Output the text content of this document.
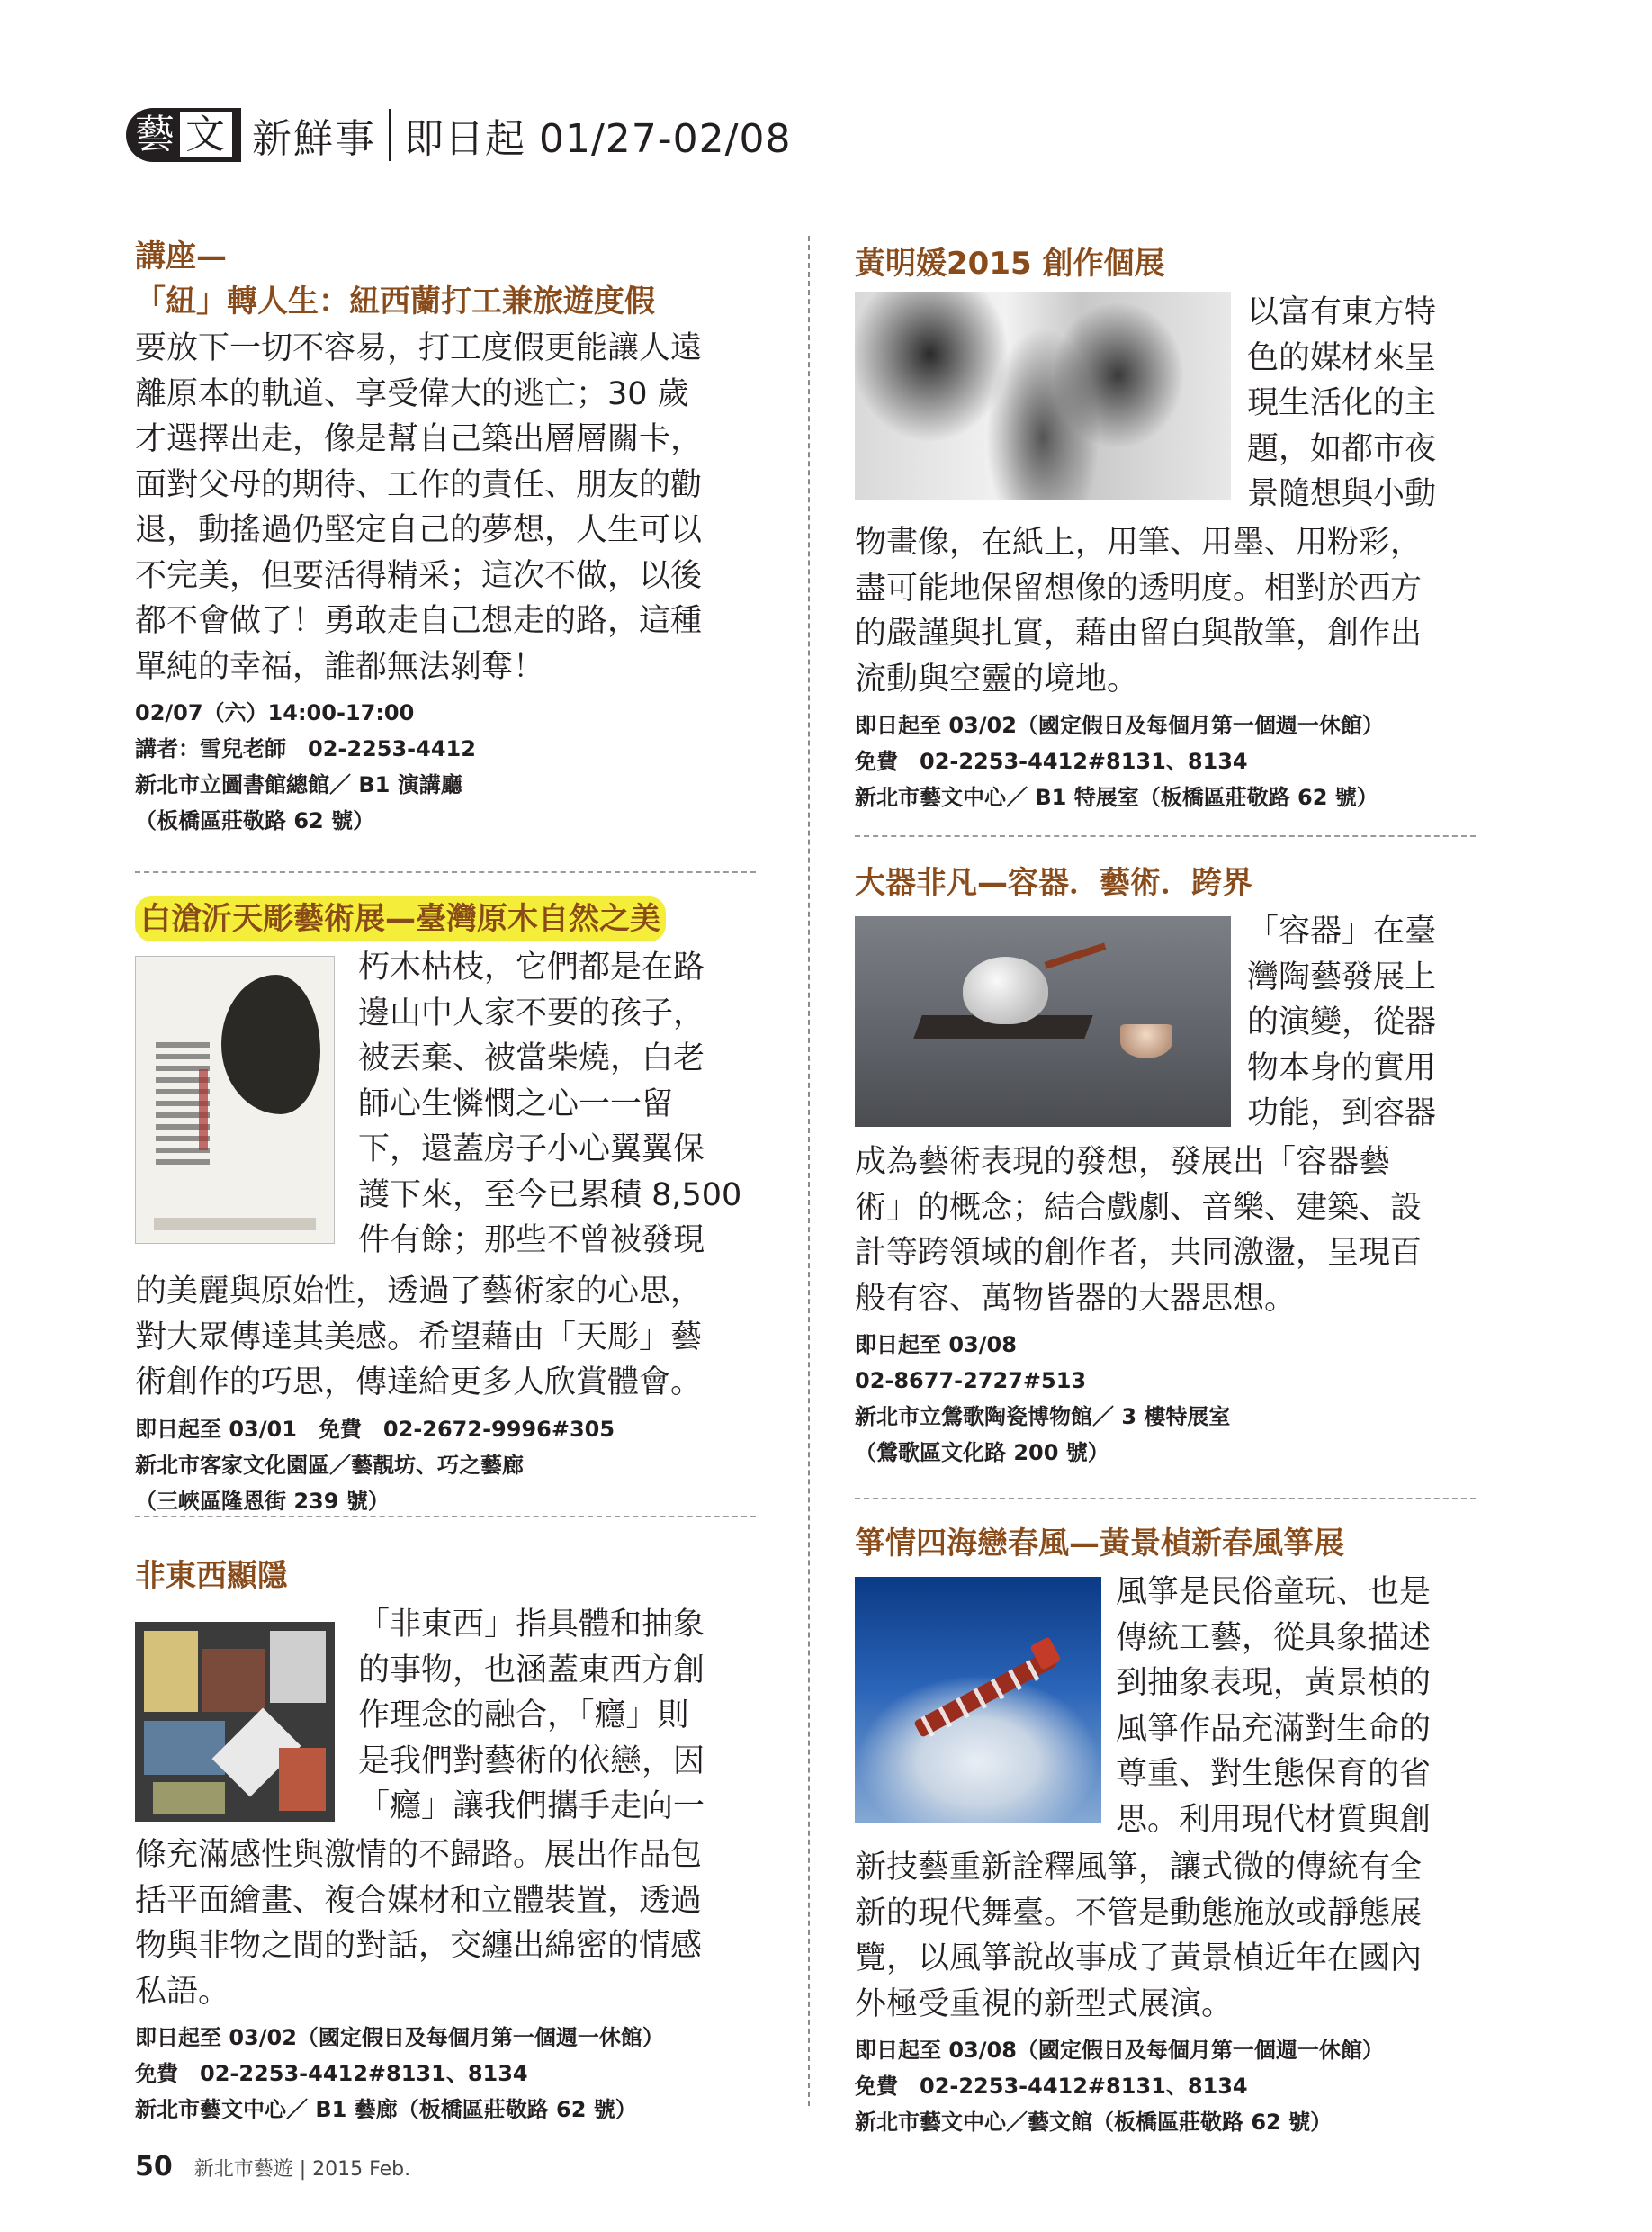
藝 文 新鮮事 即日起 01/27-02/08
講座—
「紐」轉人生：紐西蘭打工兼旅遊度假
要放下一切不容易，打工度假更能讓人遠
離原本的軌道、享受偉大的逃亡；30 歲
才選擇出走，像是幫自己築出層層關卡，
面對父母的期待、工作的責任、朋友的勸
退，動搖過仍堅定自己的夢想，人生可以
不完美，但要活得精采；這次不做，以後
都不會做了！勇敢走自己想走的路，這種
單純的幸福，誰都無法剝奪！
02/07（六）14:00-17:00
講者：雪兒老師　02-2253-4412
新北市立圖書館總館／ B1 演講廳
（板橋區莊敬路 62 號）
白滄沂天彫藝術展—臺灣原木自然之美
朽木枯枝，它們都是在路
邊山中人家不要的孩子，
被丟棄、被當柴燒，白老
師心生憐憫之心一一留
下，還蓋房子小心翼翼保
護下來，至今已累積 8,500
件有餘；那些不曾被發現
的美麗與原始性，透過了藝術家的心思，
對大眾傳達其美感。希望藉由「天彫」藝
術創作的巧思，傳達給更多人欣賞體會。
即日起至 03/01　免費　02-2672-9996#305
新北市客家文化園區／藝靚坊、巧之藝廊
（三峽區隆恩街 239 號）
非東西顯隱
「非東西」指具體和抽象
的事物，也涵蓋東西方創
作理念的融合，「癮」則
是我們對藝術的依戀，因
「癮」讓我們攜手走向一
條充滿感性與激情的不歸路。展出作品包
括平面繪畫、複合媒材和立體裝置，透過
物與非物之間的對話，交纏出綿密的情感
私語。
即日起至 03/02（國定假日及每個月第一個週一休館）
免費　02-2253-4412#8131、8134
新北市藝文中心／ B1 藝廊（板橋區莊敬路 62 號）
黃明媛2015 創作個展
以富有東方特
色的媒材來呈
現生活化的主
題，如都市夜
景隨想與小動
物畫像，在紙上，用筆、用墨、用粉彩，
盡可能地保留想像的透明度。相對於西方
的嚴謹與扎實，藉由留白與散筆，創作出
流動與空靈的境地。
即日起至 03/02（國定假日及每個月第一個週一休館）
免費　02-2253-4412#8131、8134
新北市藝文中心／ B1 特展室（板橋區莊敬路 62 號）
大器非凡—容器．藝術．跨界
「容器」在臺
灣陶藝發展上
的演變，從器
物本身的實用
功能，到容器
成為藝術表現的發想，發展出「容器藝
術」的概念；結合戲劇、音樂、建築、設
計等跨領域的創作者，共同激盪，呈現百
般有容、萬物皆器的大器思想。
即日起至 03/08
02-8677-2727#513
新北市立鶯歌陶瓷博物館／ 3 樓特展室
（鶯歌區文化路 200 號）
箏情四海戀春風—黃景楨新春風箏展
風箏是民俗童玩、也是
傳統工藝，從具象描述
到抽象表現，黃景楨的
風箏作品充滿對生命的
尊重、對生態保育的省
思。利用現代材質與創
新技藝重新詮釋風箏，讓式微的傳統有全
新的現代舞臺。不管是動態施放或靜態展
覽，以風箏說故事成了黃景楨近年在國內
外極受重視的新型式展演。
即日起至 03/08（國定假日及每個月第一個週一休館）
免費　02-2253-4412#8131、8134
新北市藝文中心／藝文館（板橋區莊敬路 62 號）
50 新北市藝遊 | 2015 Feb.
